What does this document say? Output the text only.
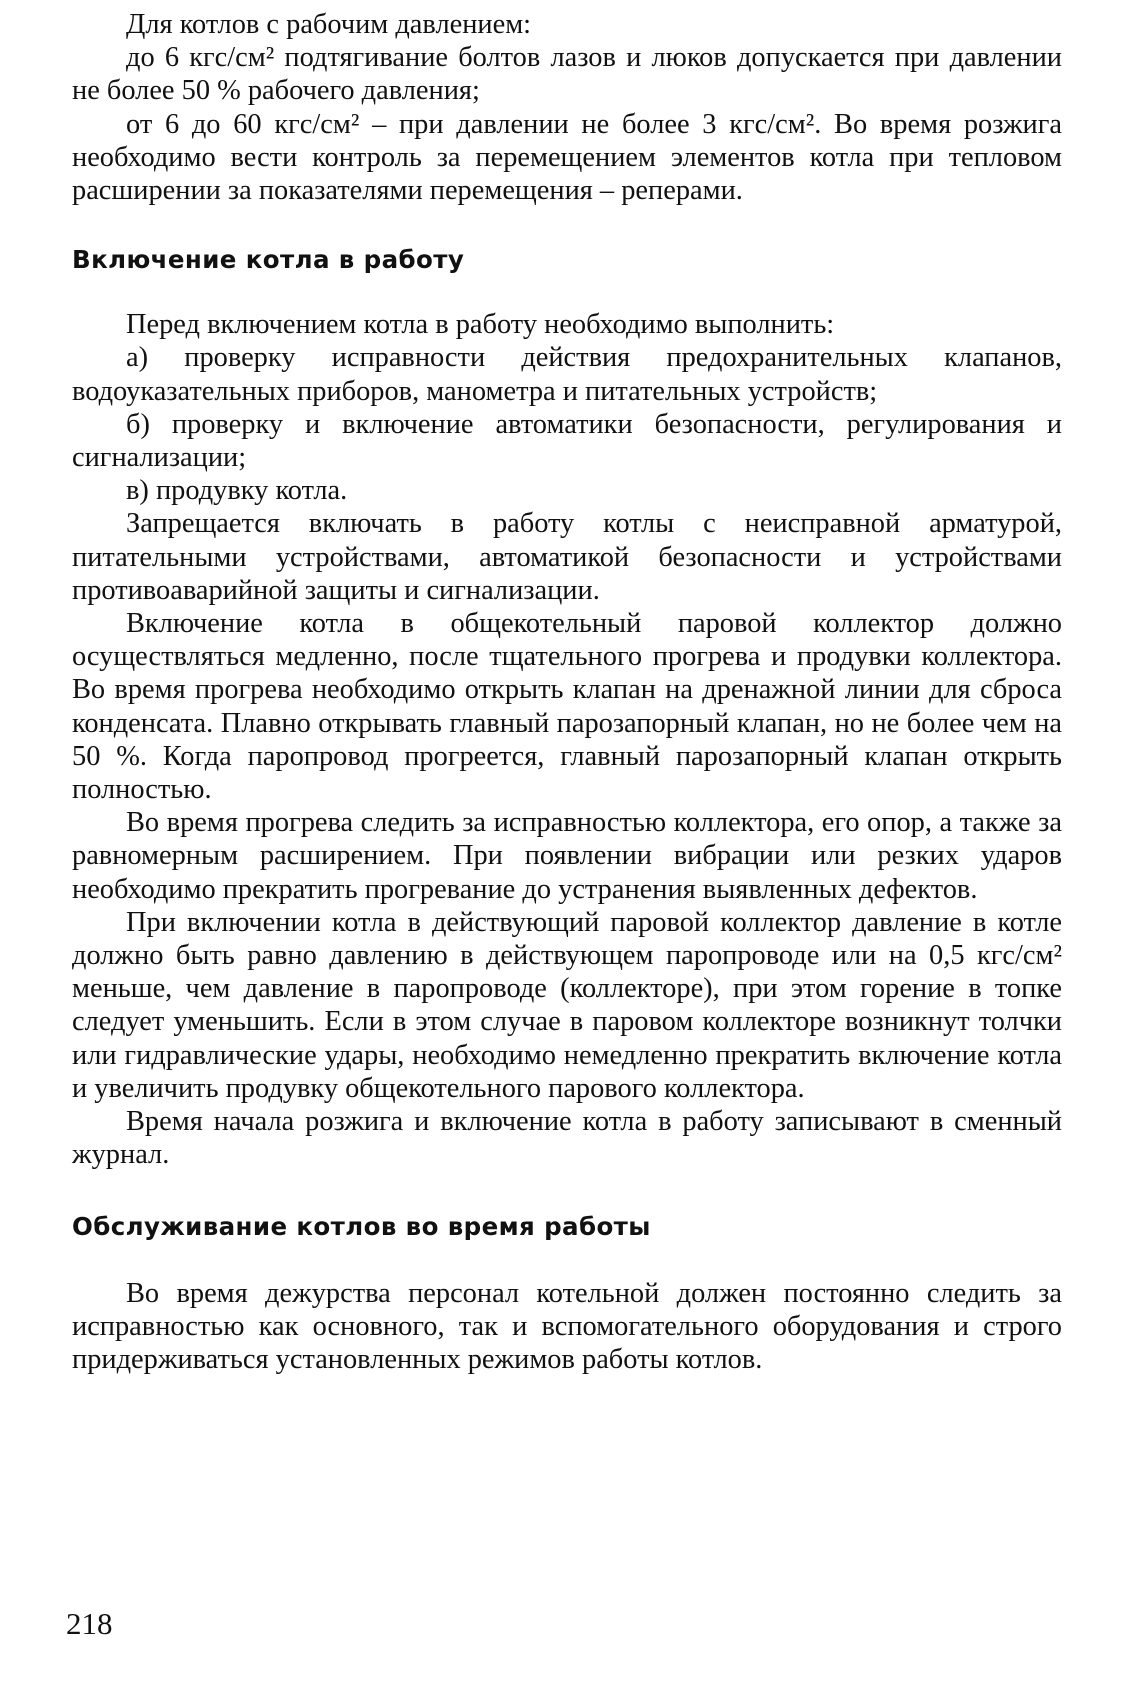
Для котлов с рабочим давлением:

до 6 кгс/см² подтягивание болтов лазов и люков допускается при давлении не более 50 % рабочего давления;

от 6 до 60 кгс/см² – при давлении не более 3 кгс/см². Во время розжига необходимо вести контроль за перемещением элементов котла при тепловом расширении за показателями перемещения – реперами.

Включение котла в работу

Перед включением котла в работу необходимо выполнить:

а) проверку исправности действия предохранительных клапанов, водоуказательных приборов, манометра и питательных устройств;

б) проверку и включение автоматики безопасности, регулирования и сигнализации;

в) продувку котла.

Запрещается включать в работу котлы с неисправной арматурой, питательными устройствами, автоматикой безопасности и устройствами противоаварийной защиты и сигнализации.

Включение котла в общекотельный паровой коллектор должно осуществляться медленно, после тщательного прогрева и продувки коллектора. Во время прогрева необходимо открыть клапан на дренажной линии для сброса конденсата. Плавно открывать главный парозапорный клапан, но не более чем на 50 %. Когда паропровод прогреется, главный парозапорный клапан открыть полностью.

Во время прогрева следить за исправностью коллектора, его опор, а также за равномерным расширением. При появлении вибрации или резких ударов необходимо прекратить прогревание до устранения выявленных дефектов.

При включении котла в действующий паровой коллектор давление в котле должно быть равно давлению в действующем паропроводе или на 0,5 кгс/см² меньше, чем давление в паропроводе (коллекторе), при этом горение в топке следует уменьшить. Если в этом случае в паровом коллекторе возникнут толчки или гидравлические удары, необходимо немедленно прекратить включение котла и увеличить продувку общекотельного парового коллектора.

Время начала розжига и включение котла в работу записывают в сменный журнал.

Обслуживание котлов во время работы

Во время дежурства персонал котельной должен постоянно следить за исправностью как основного, так и вспомогательного оборудования и строго придерживаться установленных режимов работы котлов.

218
